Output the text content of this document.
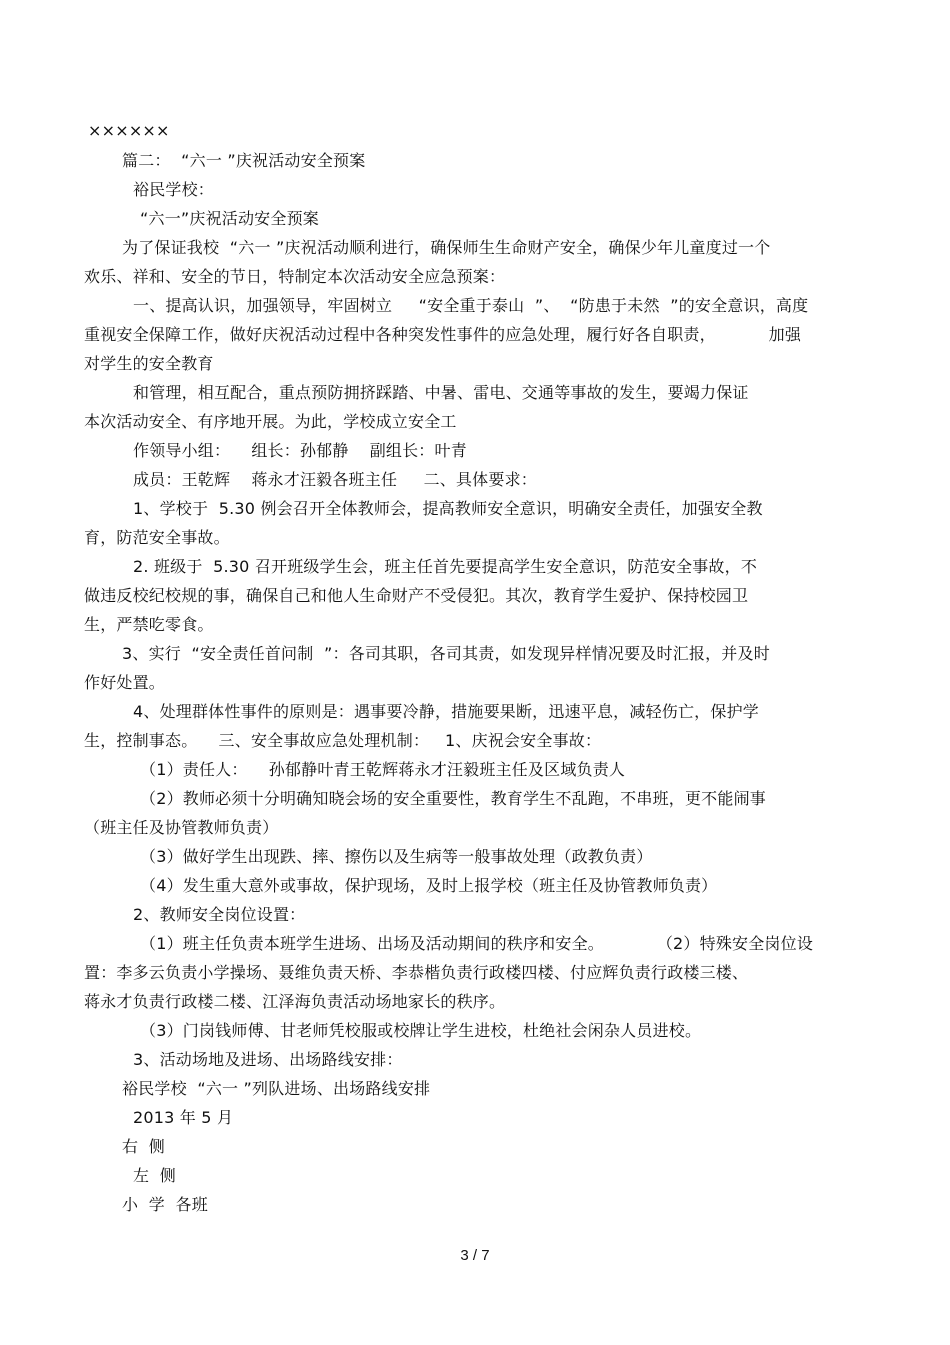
××××××
篇二：  “六一 ”庆祝活动安全预案
裕民学校：
“六一”庆祝活动安全预案
为了保证我校  “六一 ”庆祝活动顺利进行，确保师生生命财产安全，确保少年儿童度过一个
欢乐、祥和、安全的节日，特制定本次活动安全应急预案：
一、提高认识，加强领导，牢固树立     “安全重于泰山  ”、  “防患于未然  ”的安全意识，高度
重视安全保障工作，做好庆祝活动过程中各种突发性事件的应急处理，履行好各自职责，          加强
对学生的安全教育
和管理，相互配合，重点预防拥挤踩踏、中暑、雷电、交通等事故的发生，要竭力保证
本次活动安全、有序地开展。为此，学校成立安全工
作领导小组：    组长：孙郁静    副组长：叶青
成员：王乾辉    蒋永才汪毅各班主任     二、具体要求：
1、学校于  5.30 例会召开全体教师会，提高教师安全意识，明确安全责任，加强安全教
育，防范安全事故。
2. 班级于  5.30 召开班级学生会，班主任首先要提高学生安全意识，防范安全事故，不
做违反校纪校规的事，确保自己和他人生命财产不受侵犯。其次，教育学生爱护、保持校园卫
生，严禁吃零食。
3、实行  “安全责任首问制  ”：各司其职，各司其责，如发现异样情况要及时汇报，并及时
作好处置。
4、处理群体性事件的原则是：遇事要冷静，措施要果断，迅速平息，减轻伤亡，保护学
生，控制事态。    三、安全事故应急处理机制：   1、庆祝会安全事故：
（1）责任人：    孙郁静叶青王乾辉蒋永才汪毅班主任及区域负责人
（2）教师必须十分明确知晓会场的安全重要性，教育学生不乱跑，不串班，更不能闹事
（班主任及协管教师负责）
（3）做好学生出现跌、摔、擦伤以及生病等一般事故处理（政教负责）
（4）发生重大意外或事故，保护现场，及时上报学校（班主任及协管教师负责）
2、教师安全岗位设置：
（1）班主任负责本班学生进场、出场及活动期间的秩序和安全。          （2）特殊安全岗位设
置：李多云负责小学操场、聂维负责天桥、李恭楷负责行政楼四楼、付应辉负责行政楼三楼、
蒋永才负责行政楼二楼、江泽海负责活动场地家长的秩序。
（3）门岗钱师傅、甘老师凭校服或校牌让学生进校，杜绝社会闲杂人员进校。
3、活动场地及进场、出场路线安排：
裕民学校  “六一 ”列队进场、出场路线安排
2013 年 5 月
右  侧
左  侧
小  学  各班
3 / 7
